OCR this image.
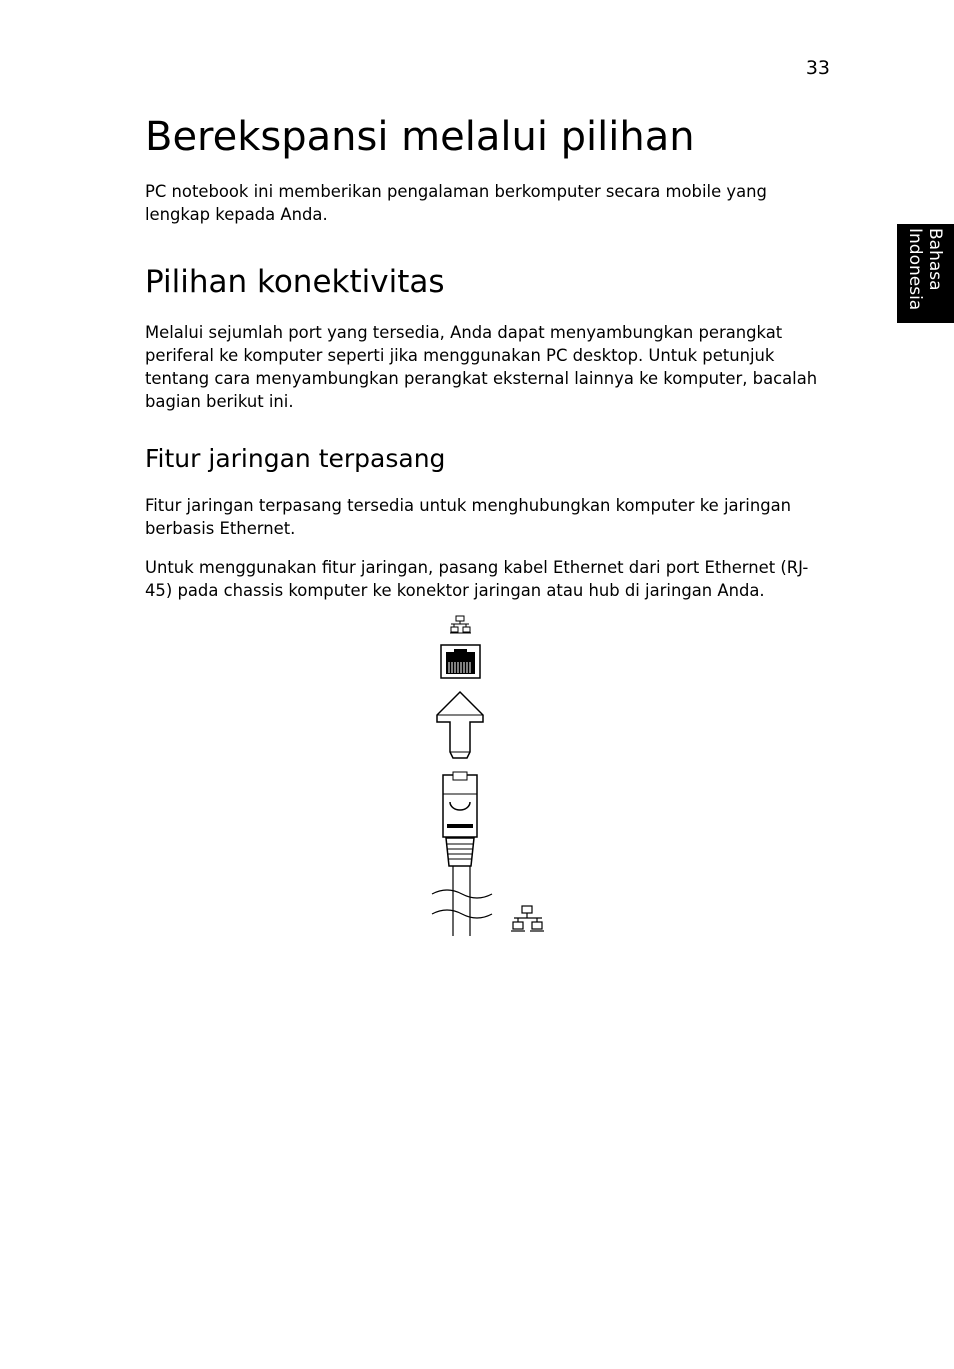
33
Bahasa
Indonesia
Berekspansi melalui pilihan

PC notebook ini memberikan pengalaman berkomputer secara mobile yang lengkap kepada Anda.

Pilihan konektivitas

Melalui sejumlah port yang tersedia, Anda dapat menyambungkan perangkat periferal ke komputer seperti jika menggunakan PC desktop. Untuk petunjuk tentang cara menyambungkan perangkat eksternal lainnya ke komputer, bacalah bagian berikut ini.

Fitur jaringan terpasang

Fitur jaringan terpasang tersedia untuk menghubungkan komputer ke jaringan berbasis Ethernet.

Untuk menggunakan fitur jaringan, pasang kabel Ethernet dari port Ethernet (RJ-45) pada chassis komputer ke konektor jaringan atau hub di jaringan Anda.
